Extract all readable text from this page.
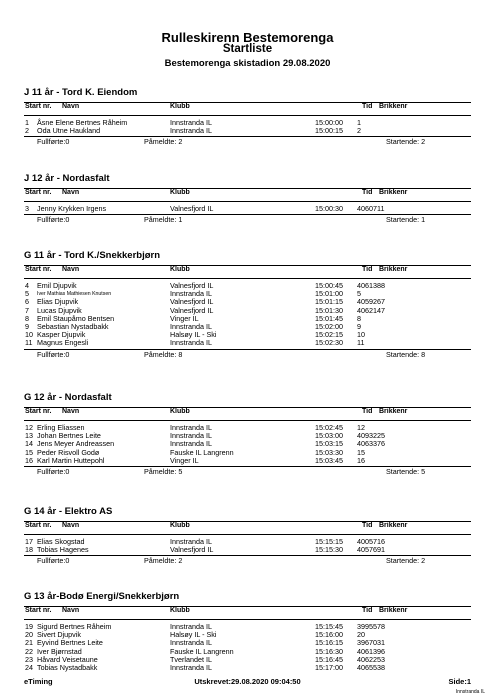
Rulleskirenn Bestemorenga
Startliste
Bestemorenga skistadion 29.08.2020
J 11 år - Tord K. Eiendom
Start nr. Navn	Klubb	Tid Brikkenr
1 Åsne Elene Bertnes Råheim	Innstranda IL	15:00:00 1
2 Oda Utne Haukland	Innstranda IL	15:00:15 2
Fullførte:0	Påmeldte: 2	Startende: 2
J 12 år - Nordasfalt
Start nr. Navn	Klubb	Tid Brikkenr
3 Jenny Krykken Irgens	Valnesfjord IL	15:00:30 4060711
Fullførte:0	Påmeldte: 1	Startende: 1
G 11 år - Tord K./Snekkerbjørn
Start nr. Navn	Klubb	Tid Brikkenr
4 Emil Djupvik	Valnesfjord IL	15:00:45 4061388
5 Iver Mathias Mathiesen Knutsen	Innstranda IL	15:01:00 5
6 Elias Djupvik	Valnesfjord IL	15:01:15 4059267
7 Lucas Djupvik	Valnesfjord IL	15:01:30 4062147
8 Emil Staupåmo Bentsen	Vinger IL	15:01:45 8
9 Sebastian Nystadbakk	Innstranda IL	15:02:00 9
10 Kasper Djupvik	Halsøy IL - Ski	15:02:15 10
11 Magnus Engesli	Innstranda IL	15:02:30 11
Fullførte:0	Påmeldte: 8	Startende: 8
G 12 år - Nordasfalt
Start nr. Navn	Klubb	Tid Brikkenr
12 Erling Eliassen	Innstranda IL	15:02:45 12
13 Johan Bertnes Leite	Innstranda IL	15:03:00 4093225
14 Jens Meyer Andreassen	Innstranda IL	15:03:15 4063376
15 Peder Risvoll Godø	Fauske IL Langrenn	15:03:30 15
16 Karl Martin Huttepohl	Vinger IL	15:03:45 16
Fullførte:0	Påmeldte: 5	Startende: 5
G 14 år - Elektro AS
Start nr. Navn	Klubb	Tid Brikkenr
17 Elias Skogstad	Innstranda IL	15:15:15 4005716
18 Tobias Hagenes	Valnesfjord IL	15:15:30 4057691
Fullførte:0	Påmeldte: 2	Startende: 2
G 13 år-Bodø Energi/Snekkerbjørn
Start nr. Navn	Klubb	Tid Brikkenr
19 Sigurd Bertnes Råheim	Innstranda IL	15:15:45 3995578
20 Sivert Djupvik	Halsøy IL - Ski	15:16:00 20
21 Eyvind Bertnes Leite	Innstranda IL	15:16:15 3967031
22 Iver Bjørnstad	Fauske IL Langrenn	15:16:30 4061396
23 Håvard Veisetaune	Tverlandet IL	15:16:45 4062253
24 Tobias Nystadbakk	Innstranda IL	15:17:00 4065538
eTiming	Utskrevet:29.08.2020 09:04:50	Side:1
Innstranda IL
